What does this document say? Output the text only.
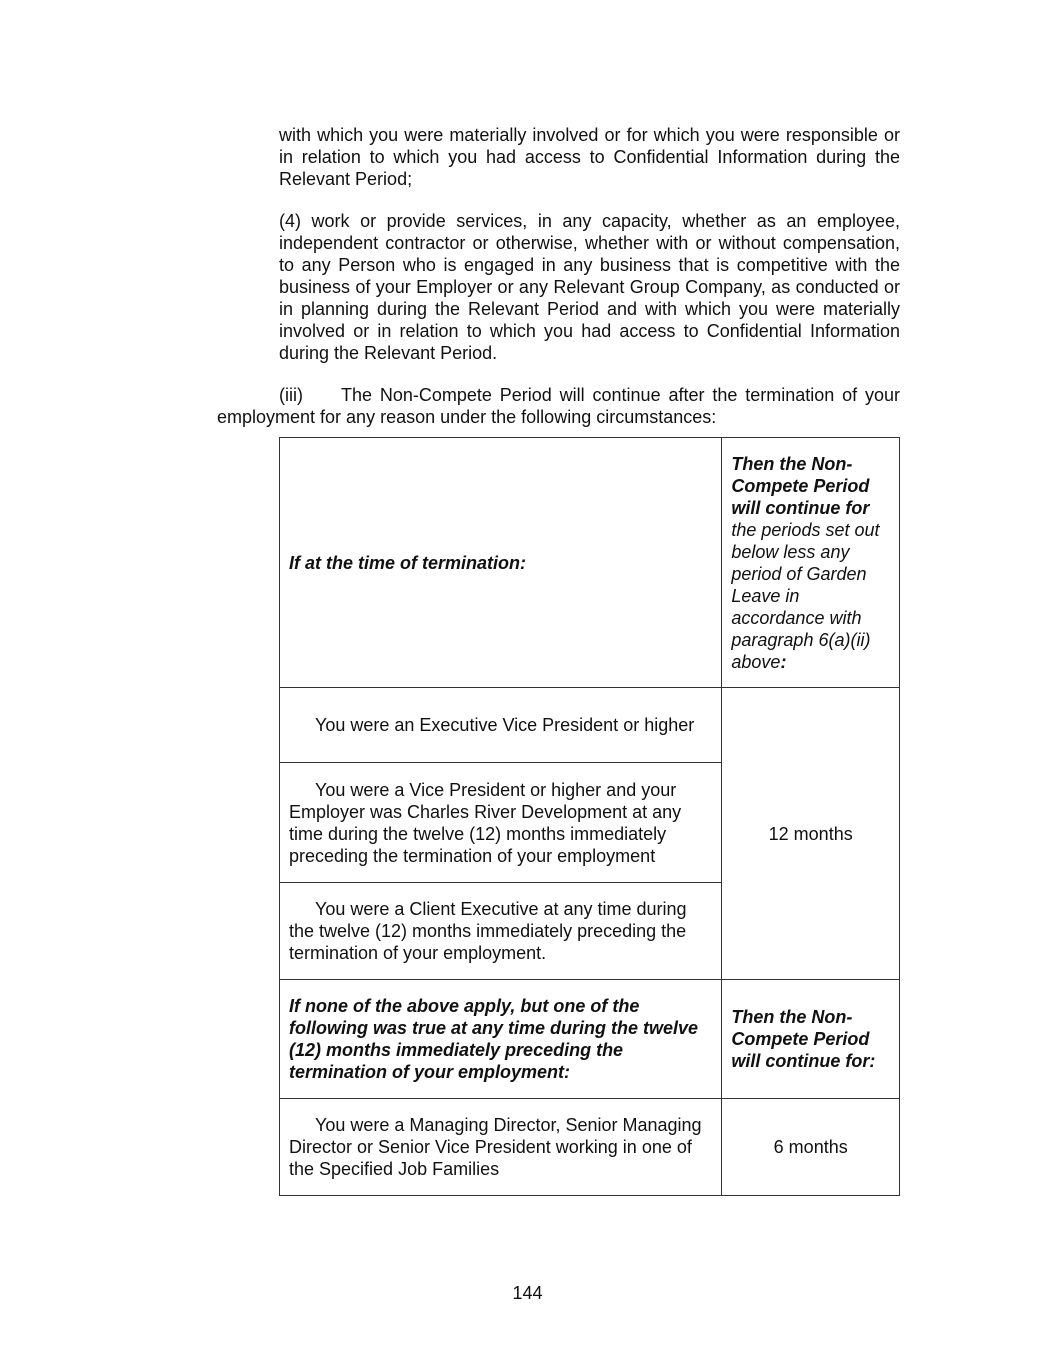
with which you were materially involved or for which you were responsible or in relation to which you had access to Confidential Information during the Relevant Period;

(4) work or provide services, in any capacity, whether as an employee, independent contractor or otherwise, whether with or without compensation, to any Person who is engaged in any business that is competitive with the business of your Employer or any Relevant Group Company, as conducted or in planning during the Relevant Period and with which you were materially involved or in relation to which you had access to Confidential Information during the Relevant Period.

(iii) The Non-Compete Period will continue after the termination of your employment for any reason under the following circumstances:

If at the time of termination:	Then the Non-Compete Period will continue for the periods set out below less any period of Garden Leave in accordance with paragraph 6(a)(ii) above:

You were an Executive Vice President or higher	12 months

You were a Vice President or higher and your Employer was Charles River Development at any time during the twelve (12) months immediately preceding the termination of your employment	

You were a Client Executive at any time during the twelve (12) months immediately preceding the termination of your employment.	

If none of the above apply, but one of the following was true at any time during the twelve (12) months immediately preceding the termination of your employment:	Then the Non-Compete Period will continue for:

You were a Managing Director, Senior Managing Director or Senior Vice President working in one of the Specified Job Families	6 months
144
